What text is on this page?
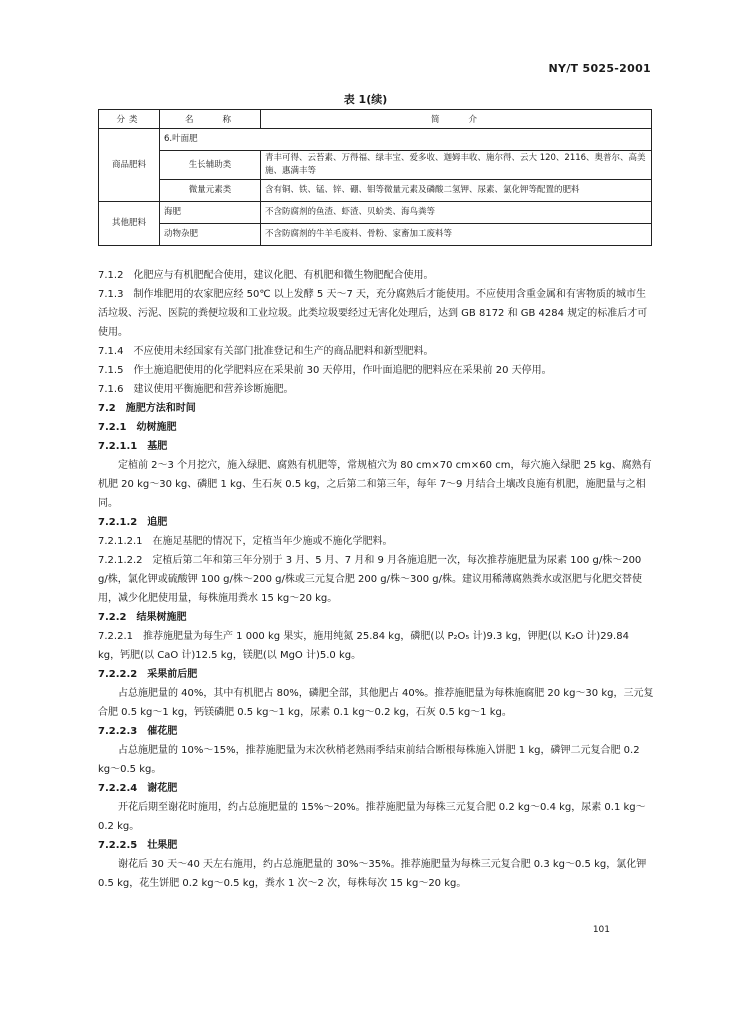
NY/T 5025-2001
表 1(续)
分类	名　　称	简　　介
商品肥料	6.叶面肥	
	生长辅助类	青丰可得、云苔素、万得福、绿丰宝、爱多收、迦姆丰收、施尔得、云大 120、2116、奥普尔、高美施、惠满丰等
	微量元素类	含有铜、铁、锰、锌、硼、钼等微量元素及磷酸二氢钾、尿素、氯化钾等配置的肥料
其他肥料	海肥	不含防腐剂的鱼渣、虾渣、贝蚧类、海鸟粪等
	动物杂肥	不含防腐剂的牛羊毛废料、骨粉、家畜加工废料等

7.1.2　化肥应与有机肥配合使用，建议化肥、有机肥和微生物肥配合使用。

7.1.3　制作堆肥用的农家肥应经 50℃ 以上发酵 5 天～7 天，充分腐熟后才能使用。不应使用含重金属和有害物质的城市生活垃圾、污泥、医院的粪便垃圾和工业垃圾。此类垃圾要经过无害化处理后，达到 GB 8172 和 GB 4284 规定的标准后才可使用。

7.1.4　不应使用未经国家有关部门批准登记和生产的商品肥料和新型肥料。

7.1.5　作土施追肥使用的化学肥料应在采果前 30 天停用，作叶面追肥的肥料应在采果前 20 天停用。

7.1.6　建议使用平衡施肥和营养诊断施肥。

7.2　施肥方法和时间

7.2.1　幼树施肥

7.2.1.1　基肥

定植前 2～3 个月挖穴，施入绿肥、腐熟有机肥等，常规植穴为 80 cm×70 cm×60 cm，每穴施入绿肥 25 kg、腐熟有机肥 20 kg～30 kg、磷肥 1 kg、生石灰 0.5 kg，之后第二和第三年，每年 7～9 月结合土壤改良施有机肥，施肥量与之相同。

7.2.1.2　追肥

7.2.1.2.1　在施足基肥的情况下，定植当年少施或不施化学肥料。

7.2.1.2.2　定植后第二年和第三年分别于 3 月、5 月、7 月和 9 月各施追肥一次，每次推荐施肥量为尿素 100 g/株～200 g/株，氯化钾或硫酸钾 100 g/株～200 g/株或三元复合肥 200 g/株～300 g/株。建议用稀薄腐熟粪水或沤肥与化肥交替使用，减少化肥使用量，每株施用粪水 15 kg～20 kg。

7.2.2　结果树施肥

7.2.2.1　推荐施肥量为每生产 1 000 kg 果实，施用纯氮 25.84 kg，磷肥(以 P₂O₅ 计)9.3 kg，钾肥(以 K₂O 计)29.84 kg，钙肥(以 CaO 计)12.5 kg，镁肥(以 MgO 计)5.0 kg。

7.2.2.2　采果前后肥

占总施肥量的 40%，其中有机肥占 80%，磷肥全部，其他肥占 40%。推荐施肥量为每株施腐肥 20 kg～30 kg，三元复合肥 0.5 kg～1 kg，钙镁磷肥 0.5 kg～1 kg，尿素 0.1 kg～0.2 kg，石灰 0.5 kg～1 kg。

7.2.2.3　催花肥

占总施肥量的 10%～15%，推荐施肥量为末次秋梢老熟雨季结束前结合断根每株施入饼肥 1 kg，磷钾二元复合肥 0.2 kg～0.5 kg。

7.2.2.4　谢花肥

开花后期至谢花时施用，约占总施肥量的 15%～20%。推荐施肥量为每株三元复合肥 0.2 kg～0.4 kg，尿素 0.1 kg～0.2 kg。

7.2.2.5　壮果肥

谢花后 30 天～40 天左右施用，约占总施肥量的 30%～35%。推荐施肥量为每株三元复合肥 0.3 kg～0.5 kg，氯化钾 0.5 kg，花生饼肥 0.2 kg～0.5 kg，粪水 1 次～2 次，每株每次 15 kg～20 kg。

101
